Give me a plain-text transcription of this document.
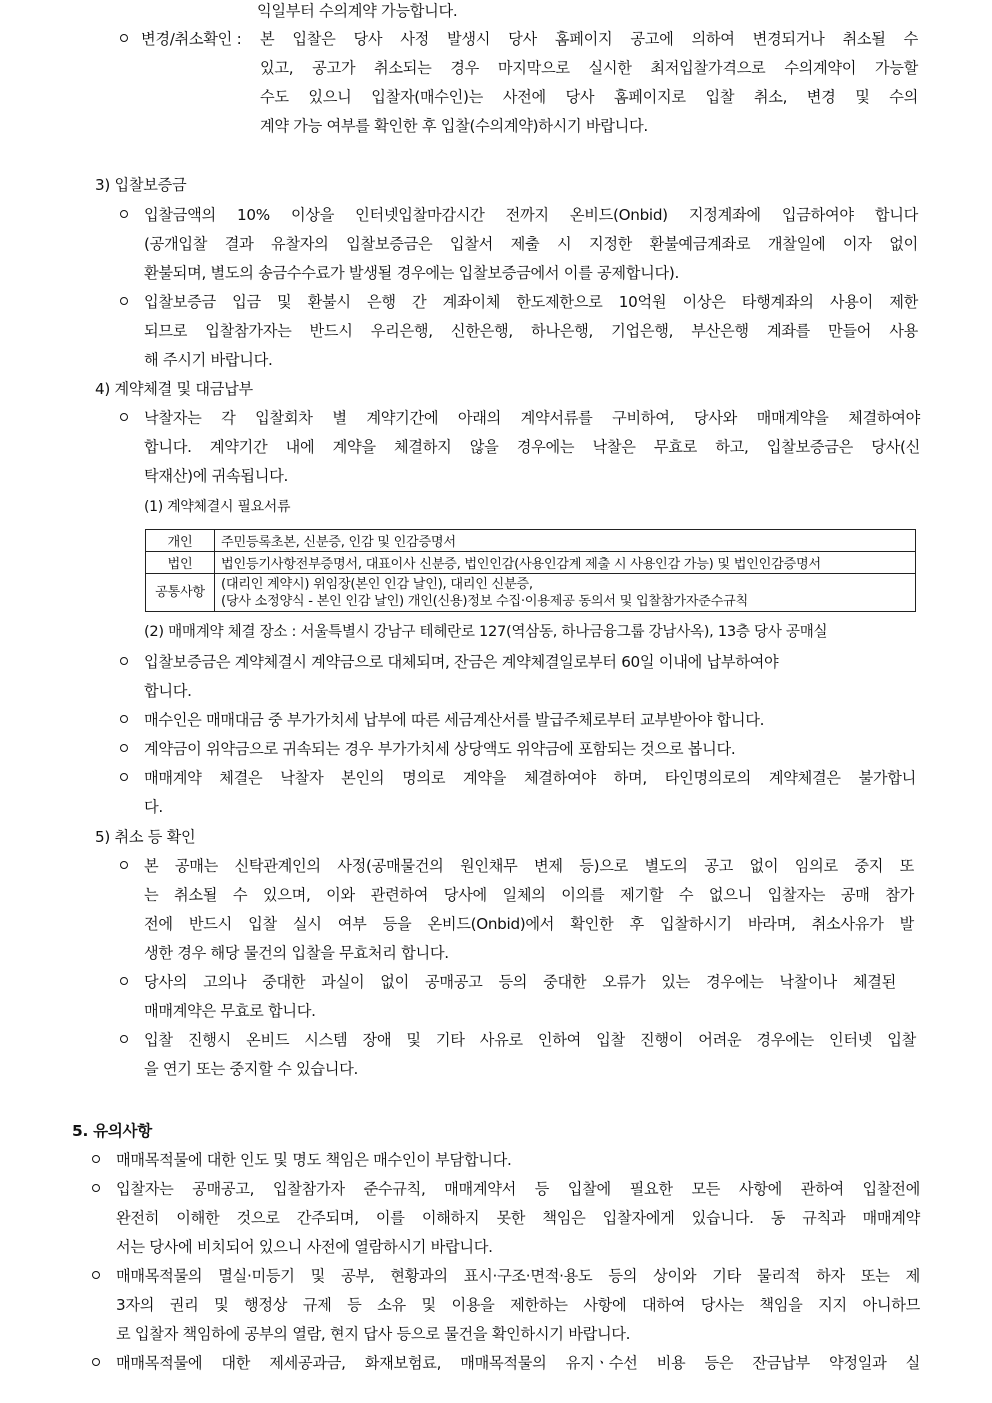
익일부터 수의계약 가능합니다.
변경/취소확인 : 본 입찰은 당사 사정 발생시 당사 홈페이지 공고에 의하여 변경되거나 취소될 수
있고, 공고가 취소되는 경우 마지막으로 실시한 최저입찰가격으로 수의계약이 가능할
수도 있으니 입찰자(매수인)는 사전에 당사 홈페이지로 입찰 취소, 변경 및 수의
계약 가능 여부를 확인한 후 입찰(수의계약)하시기 바랍니다.
3) 입찰보증금
입찰금액의 10% 이상을 인터넷입찰마감시간 전까지 온비드(Onbid) 지정계좌에 입금하여야 합니다
(공개입찰 결과 유찰자의 입찰보증금은 입찰서 제출 시 지정한 환불예금계좌로 개찰일에 이자 없이
환불되며, 별도의 송금수수료가 발생될 경우에는 입찰보증금에서 이를 공제합니다).
입찰보증금 입금 및 환불시 은행 간 계좌이체 한도제한으로 10억원 이상은 타행계좌의 사용이 제한
되므로 입찰참가자는 반드시 우리은행, 신한은행, 하나은행, 기업은행, 부산은행 계좌를 만들어 사용
해 주시기 바랍니다.
4) 계약체결 및 대금납부
낙찰자는 각 입찰회차 별 계약기간에 아래의 계약서류를 구비하여, 당사와 매매계약을 체결하여야
합니다. 계약기간 내에 계약을 체결하지 않을 경우에는 낙찰은 무효로 하고, 입찰보증금은 당사(신
탁재산)에 귀속됩니다.
(1) 계약체결시 필요서류
개인	주민등록초본, 신분증, 인감 및 인감증명서
법인	법인등기사항전부증명서, 대표이사 신분증, 법인인감(사용인감계 제출 시 사용인감 가능) 및 법인인감증명서
공통사항	(대리인 계약시) 위임장(본인 인감 날인), 대리인 신분증,
(당사 소정양식 - 본인 인감 날인) 개인(신용)정보 수집·이용제공 동의서 및 입찰참가자준수규칙
(2) 매매계약 체결 장소 : 서울특별시 강남구 테헤란로 127(역삼동, 하나금융그룹 강남사옥), 13층 당사 공매실
입찰보증금은 계약체결시 계약금으로 대체되며, 잔금은 계약체결일로부터 60일 이내에 납부하여야
합니다.
매수인은 매매대금 중 부가가치세 납부에 따른 세금계산서를 발급주체로부터 교부받아야 합니다.
계약금이 위약금으로 귀속되는 경우 부가가치세 상당액도 위약금에 포함되는 것으로 봅니다.
매매계약 체결은 낙찰자 본인의 명의로 계약을 체결하여야 하며, 타인명의로의 계약체결은 불가합니
다.
5) 취소 등 확인
본 공매는 신탁관계인의 사정(공매물건의 원인채무 변제 등)으로 별도의 공고 없이 임의로 중지 또
는 취소될 수 있으며, 이와 관련하여 당사에 일체의 이의를 제기할 수 없으니 입찰자는 공매 참가
전에 반드시 입찰 실시 여부 등을 온비드(Onbid)에서 확인한 후 입찰하시기 바라며, 취소사유가 발
생한 경우 해당 물건의 입찰을 무효처리 합니다.
당사의 고의나 중대한 과실이 없이 공매공고 등의 중대한 오류가 있는 경우에는 낙찰이나 체결된
매매계약은 무효로 합니다.
입찰 진행시 온비드 시스템 장애 및 기타 사유로 인하여 입찰 진행이 어려운 경우에는 인터넷 입찰
을 연기 또는 중지할 수 있습니다.
5. 유의사항
매매목적물에 대한 인도 및 명도 책임은 매수인이 부담합니다.
입찰자는 공매공고, 입찰참가자 준수규칙, 매매계약서 등 입찰에 필요한 모든 사항에 관하여 입찰전에
완전히 이해한 것으로 간주되며, 이를 이해하지 못한 책임은 입찰자에게 있습니다. 동 규칙과 매매계약
서는 당사에 비치되어 있으니 사전에 열람하시기 바랍니다.
매매목적물의 멸실·미등기 및 공부, 현황과의 표시·구조·면적·용도 등의 상이와 기타 물리적 하자 또는 제
3자의 권리 및 행정상 규제 등 소유 및 이용을 제한하는 사항에 대하여 당사는 책임을 지지 아니하므
로 입찰자 책임하에 공부의 열람, 현지 답사 등으로 물건을 확인하시기 바랍니다.
매매목적물에 대한 제세공과금, 화재보험료, 매매목적물의 유지ㆍ수선 비용 등은 잔금납부 약정일과 실
